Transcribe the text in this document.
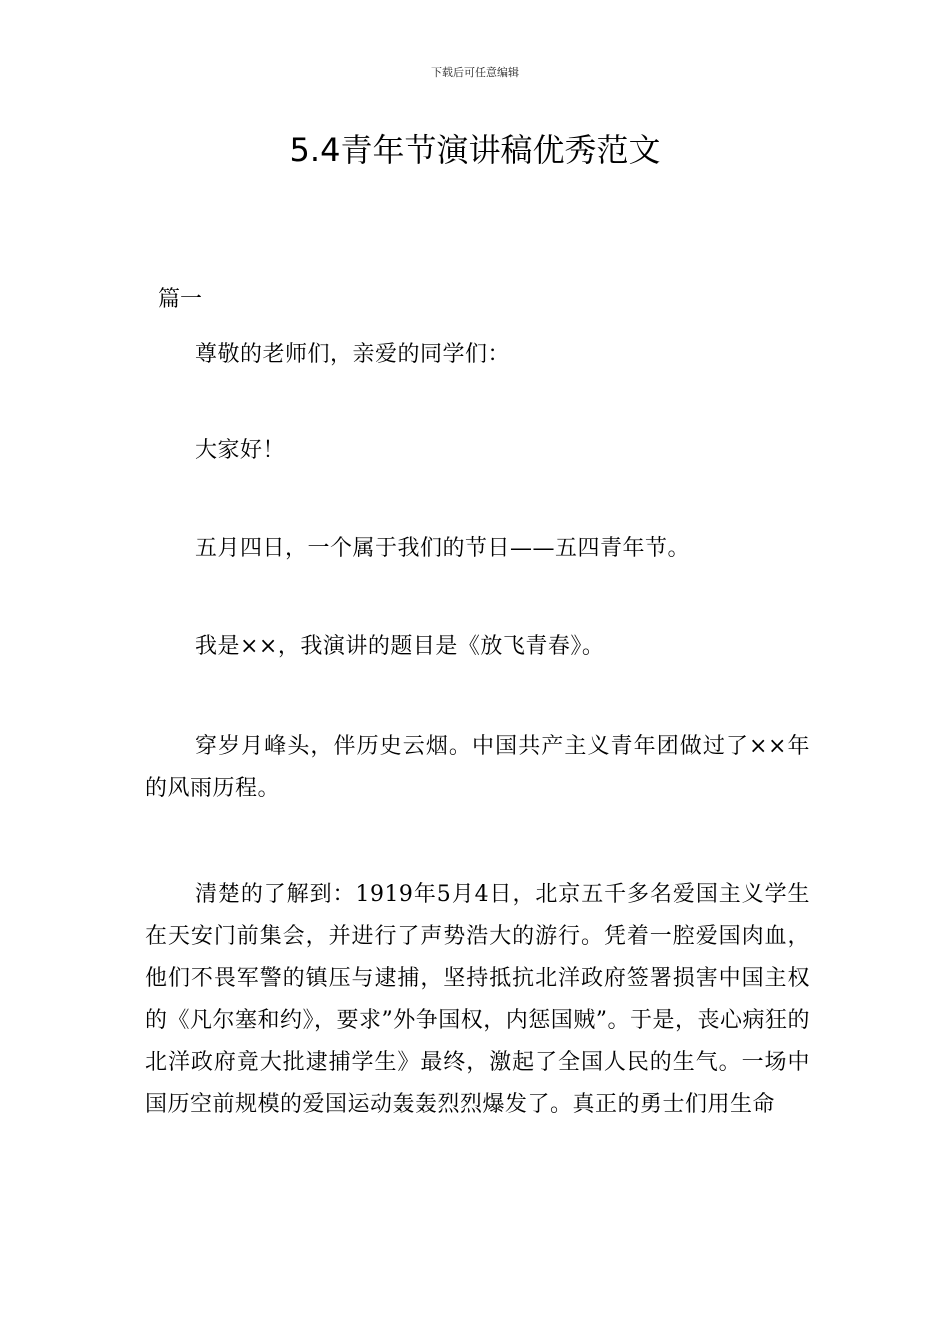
下载后可任意编辑
5.4青年节演讲稿优秀范文
篇一

尊敬的老师们，亲爱的同学们：

大家好！

五月四日，一个属于我们的节日——五四青年节。

我是××，我演讲的题目是《放飞青春》。

穿岁月峰头，伴历史云烟。中国共产主义青年团做过了××年的风雨历程。

清楚的了解到：1919年5月4日，北京五千多名爱国主义学生在天安门前集会，并进行了声势浩大的游行。凭着一腔爱国肉血，他们不畏军警的镇压与逮捕，坚持抵抗北洋政府签署损害中国主权的《凡尔塞和约》，要求”外争国权，内惩国贼”。于是，丧心病狂的北洋政府竟大批逮捕学生》最终，激起了全国人民的生气。一场中国历空前规模的爱国运动轰轰烈烈爆发了。真正的勇士们用生命
